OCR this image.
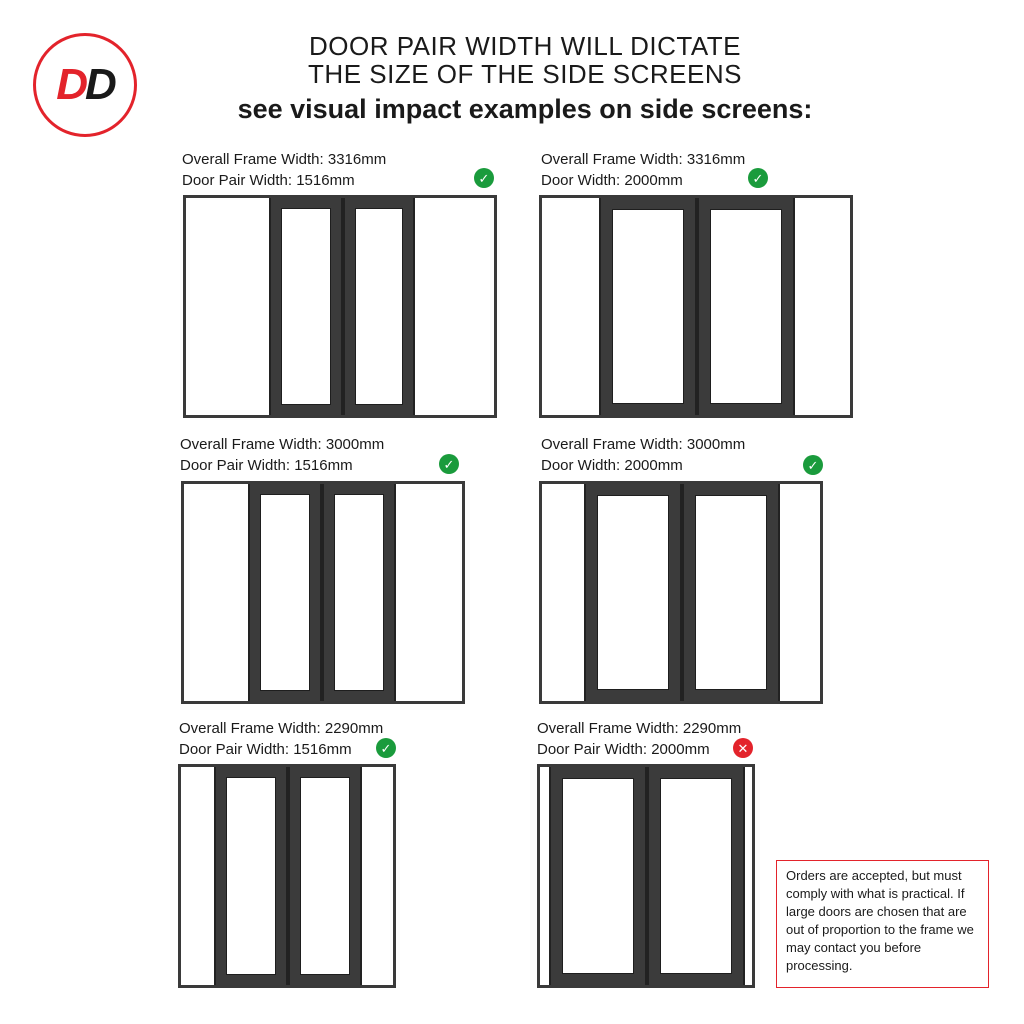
DD
DOOR PAIR WIDTH WILL DICTATE
THE SIZE OF THE SIDE SCREENS
see visual impact examples on side screens:
Overall Frame Width: 3316mm
Door Pair Width: 1516mm	✓
Overall Frame Width: 3316mm
Door Width: 2000mm	✓
Overall Frame Width: 3000mm
Door Pair Width: 1516mm	✓
Overall Frame Width: 3000mm
Door Width: 2000mm	✓
Overall Frame Width: 2290mm
Door Pair Width: 1516mm	✓
Overall Frame Width: 2290mm
Door Pair Width: 2000mm	✕
Orders are accepted, but must comply with what is practical. If large doors are chosen that are out of proportion to the frame we may contact you before processing.
